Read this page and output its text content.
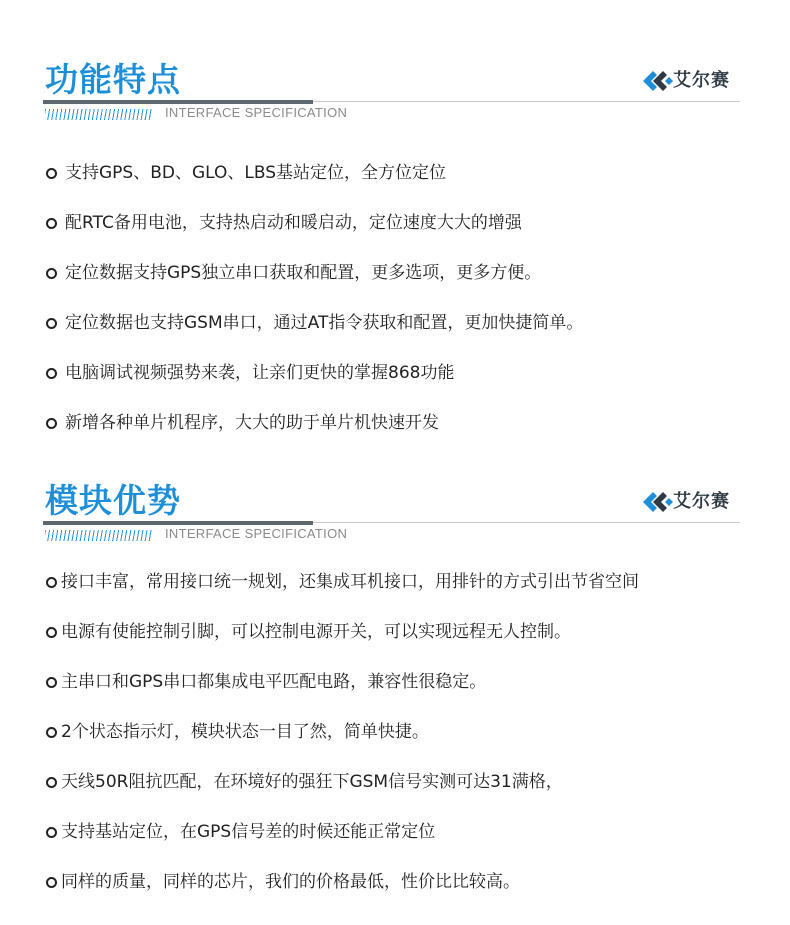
功能特点
INTERFACE SPECIFICATION
艾尔赛
支持GPS、BD、GLO、LBS基站定位，全方位定位
配RTC备用电池，支持热启动和暖启动，定位速度大大的增强
定位数据支持GPS独立串口获取和配置，更多选项，更多方便。
定位数据也支持GSM串口，通过AT指令获取和配置，更加快捷简单。
电脑调试视频强势来袭，让亲们更快的掌握868功能
新增各种单片机程序，大大的助于单片机快速开发
模块优势
INTERFACE SPECIFICATION
艾尔赛
接口丰富，常用接口统一规划，还集成耳机接口，用排针的方式引出节省空间
电源有使能控制引脚，可以控制电源开关，可以实现远程无人控制。
主串口和GPS串口都集成电平匹配电路，兼容性很稳定。
2个状态指示灯，模块状态一目了然，简单快捷。
天线50R阻抗匹配，在环境好的强狂下GSM信号实测可达31满格，
支持基站定位，在GPS信号差的时候还能正常定位
同样的质量，同样的芯片，我们的价格最低，性价比比较高。
